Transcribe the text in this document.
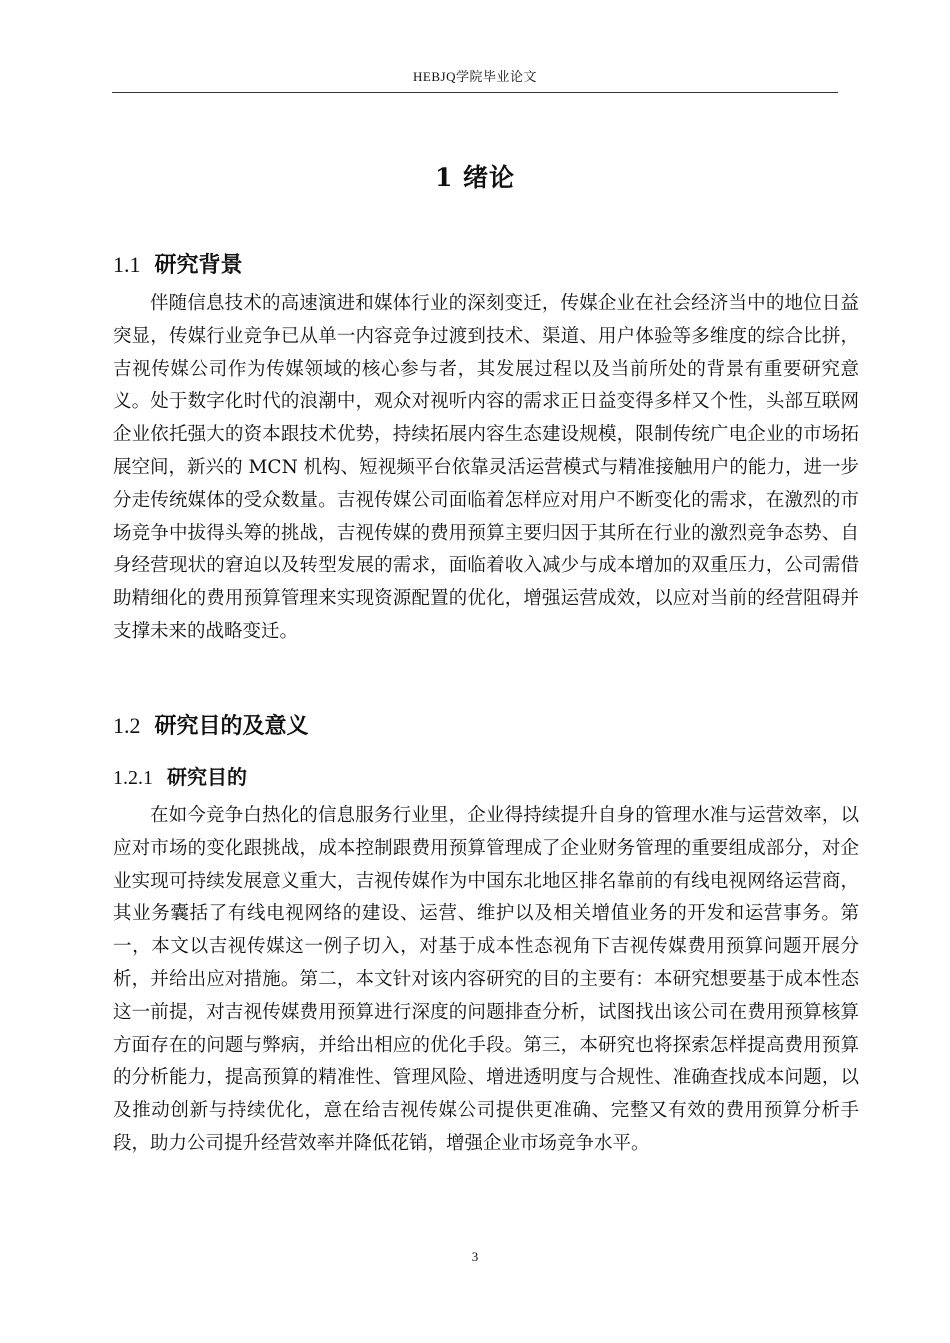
HEBJQ学院毕业论文
1 绪论
1.1 研究背景

伴随信息技术的高速演进和媒体行业的深刻变迁，传媒企业在社会经济当中的地位日益突显，传媒行业竞争已从单一内容竞争过渡到技术、渠道、用户体验等多维度的综合比拼，吉视传媒公司作为传媒领域的核心参与者，其发展过程以及当前所处的背景有重要研究意义。处于数字化时代的浪潮中，观众对视听内容的需求正日益变得多样又个性，头部互联网企业依托强大的资本跟技术优势，持续拓展内容生态建设规模，限制传统广电企业的市场拓展空间，新兴的 MCN 机构、短视频平台依靠灵活运营模式与精准接触用户的能力，进一步分走传统媒体的受众数量。吉视传媒公司面临着怎样应对用户不断变化的需求，在激烈的市场竞争中拔得头筹的挑战，吉视传媒的费用预算主要归因于其所在行业的激烈竞争态势、自身经营现状的窘迫以及转型发展的需求，面临着收入减少与成本增加的双重压力，公司需借助精细化的费用预算管理来实现资源配置的优化，增强运营成效，以应对当前的经营阻碍并支撑未来的战略变迁。

1.2 研究目的及意义
1.2.1 研究目的

在如今竞争白热化的信息服务行业里，企业得持续提升自身的管理水准与运营效率，以应对市场的变化跟挑战，成本控制跟费用预算管理成了企业财务管理的重要组成部分，对企业实现可持续发展意义重大，吉视传媒作为中国东北地区排名靠前的有线电视网络运营商，其业务囊括了有线电视网络的建设、运营、维护以及相关增值业务的开发和运营事务。第一，本文以吉视传媒这一例子切入，对基于成本性态视角下吉视传媒费用预算问题开展分析，并给出应对措施。第二，本文针对该内容研究的目的主要有：本研究想要基于成本性态这一前提，对吉视传媒费用预算进行深度的问题排查分析，试图找出该公司在费用预算核算方面存在的问题与弊病，并给出相应的优化手段。第三，本研究也将探索怎样提高费用预算的分析能力，提高预算的精准性、管理风险、增进透明度与合规性、准确查找成本问题，以及推动创新与持续优化，意在给吉视传媒公司提供更准确、完整又有效的费用预算分析手段，助力公司提升经营效率并降低花销，增强企业市场竞争水平。

3
